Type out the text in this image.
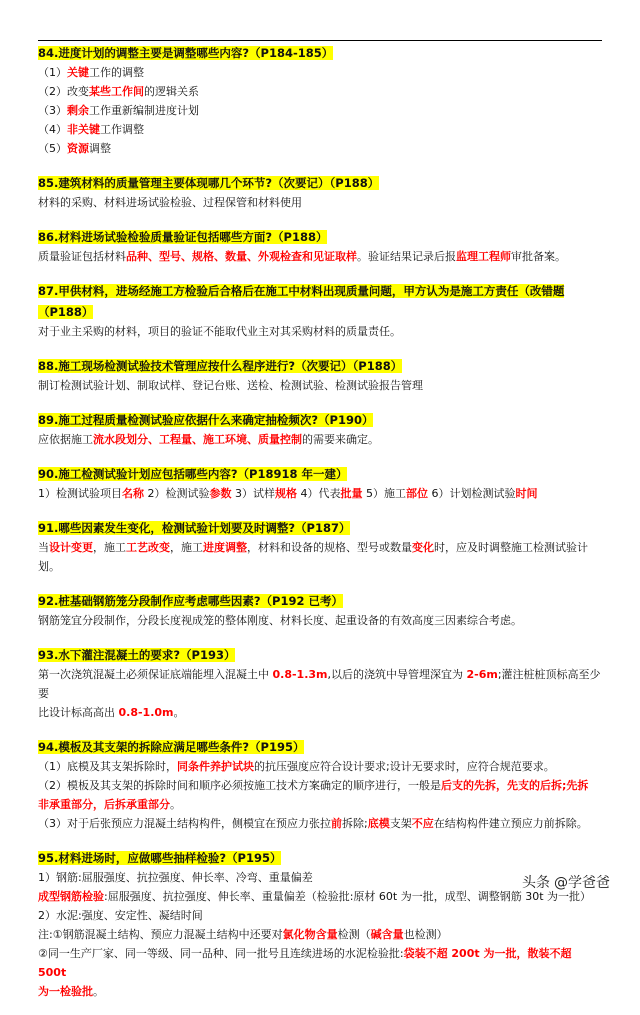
84.进度计划的调整主要是调整哪些内容?（P184-185）
（1）关键工作的调整
（2）改变某些工作间的逻辑关系
（3）剩余工作重新编制进度计划
（4）非关键工作调整
（5）资源调整
85.建筑材料的质量管理主要体现哪几个环节?（次要记）（P188）
材料的采购、材料进场试验检验、过程保管和材料使用
86.材料进场试验检验质量验证包括哪些方面?（P188）
质量验证包括材料品种、型号、规格、数量、外观检查和见证取样。验证结果记录后报监理工程师审批备案。
87.甲供材料，进场经施工方检验后合格后在施工中材料出现质量问题，甲方认为是施工方责任（改错题（P188）
对于业主采购的材料，项目的验证不能取代业主对其采购材料的质量责任。
88.施工现场检测试验技术管理应按什么程序进行?（次要记）（P188）
制订检测试验计划、制取试样、登记台账、送检、检测试验、检测试验报告管理
89.施工过程质量检测试验应依据什么来确定抽检频次?（P190）
应依据施工流水段划分、工程量、施工环境、质量控制的需要来确定。
90.施工检测试验计划应包括哪些内容?（P18918 年一建）
1）检测试验项目名称 2）检测试验参数 3）试样规格 4）代表批量 5）施工部位 6）计划检测试验时间
91.哪些因素发生变化，检测试验计划要及时调整?（P187）
当设计变更，施工工艺改变，施工进度调整，材料和设备的规格、型号或数量变化时，应及时调整施工检测试验计划。
92.桩基础钢筋笼分段制作应考虑哪些因素?（P192 已考）
钢筋笼宜分段制作，分段长度视成笼的整体刚度、材料长度、起重设备的有效高度三因素综合考虑。
93.水下灌注混凝土的要求?（P193）
第一次浇筑混凝土必须保证底端能埋入混凝土中 0.8-1.3m,以后的浇筑中导管埋深宜为 2-6m;灌注桩桩顶标高至少要
比设计标高高出 0.8-1.0m。
94.模板及其支架的拆除应满足哪些条件?（P195）
（1）底模及其支架拆除时，同条件养护试块的抗压强度应符合设计要求;设计无要求时，应符合规范要求。
（2）模板及其支架的拆除时间和顺序必须按施工技术方案确定的顺序进行，一般是后支的先拆，先支的后拆;先拆
非承重部分，后拆承重部分。
（3）对于后张预应力混凝土结构构件，侧模宜在预应力张拉前拆除;底模支架不应在结构构件建立预应力前拆除。
95.材料进场时，应做哪些抽样检验?（P195）
1）钢筋:屈服强度、抗拉强度、伸长率、冷弯、重量偏差
成型钢筋检验:屈服强度、抗拉强度、伸长率、重量偏差（检验批:原材 60t 为一批，成型、调整钢筋 30t 为一批）
2）水泥:强度、安定性、凝结时间
注:①钢筋混凝土结构、预应力混凝土结构中还要对氯化物含量检测（碱含量也检测）
②同一生产厂家、同一等级、同一品种、同一批号且连续进场的水泥检验批:袋装不超 200t 为一批，散装不超 500t
为一检验批。
头条 @学爸爸
